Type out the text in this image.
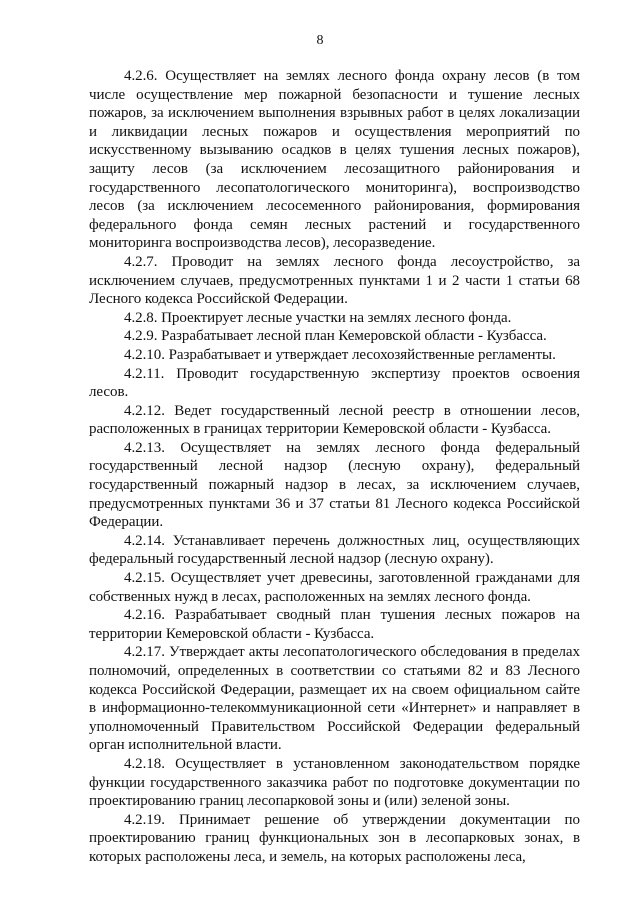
8

4.2.6. Осуществляет на землях лесного фонда охрану лесов (в том числе осуществление мер пожарной безопасности и тушение лесных пожаров, за исключением выполнения взрывных работ в целях локализации и ликвидации лесных пожаров и осуществления мероприятий по искусственному вызыванию осадков в целях тушения лесных пожаров), защиту лесов (за исключением лесозащитного районирования и государственного лесопатологического мониторинга), воспроизводство лесов (за исключением лесосеменного районирования, формирования федерального фонда семян лесных растений и государственного мониторинга воспроизводства лесов), лесоразведение.

4.2.7. Проводит на землях лесного фонда лесоустройство, за исключением случаев, предусмотренных пунктами 1 и 2 части 1 статьи 68 Лесного кодекса Российской Федерации.

4.2.8. Проектирует лесные участки на землях лесного фонда.

4.2.9. Разрабатывает лесной план Кемеровской области - Кузбасса.

4.2.10. Разрабатывает и утверждает лесохозяйственные регламенты.

4.2.11. Проводит государственную экспертизу проектов освоения лесов.

4.2.12. Ведет государственный лесной реестр в отношении лесов, расположенных в границах территории Кемеровской области - Кузбасса.

4.2.13. Осуществляет на землях лесного фонда федеральный государственный лесной надзор (лесную охрану), федеральный государственный пожарный надзор в лесах, за исключением случаев, предусмотренных пунктами 36 и 37 статьи 81 Лесного кодекса Российской Федерации.

4.2.14. Устанавливает перечень должностных лиц, осуществляющих федеральный государственный лесной надзор (лесную охрану).

4.2.15. Осуществляет учет древесины, заготовленной гражданами для собственных нужд в лесах, расположенных на землях лесного фонда.

4.2.16. Разрабатывает сводный план тушения лесных пожаров на территории Кемеровской области - Кузбасса.

4.2.17. Утверждает акты лесопатологического обследования в пределах полномочий, определенных в соответствии со статьями 82 и 83 Лесного кодекса Российской Федерации, размещает их на своем официальном сайте в информационно-телекоммуникационной сети «Интернет» и направляет в уполномоченный Правительством Российской Федерации федеральный орган исполнительной власти.

4.2.18. Осуществляет в установленном законодательством порядке функции государственного заказчика работ по подготовке документации по проектированию границ лесопарковой зоны и (или) зеленой зоны.

4.2.19. Принимает решение об утверждении документации по проектированию границ функциональных зон в лесопарковых зонах, в которых расположены леса, и земель, на которых расположены леса,
